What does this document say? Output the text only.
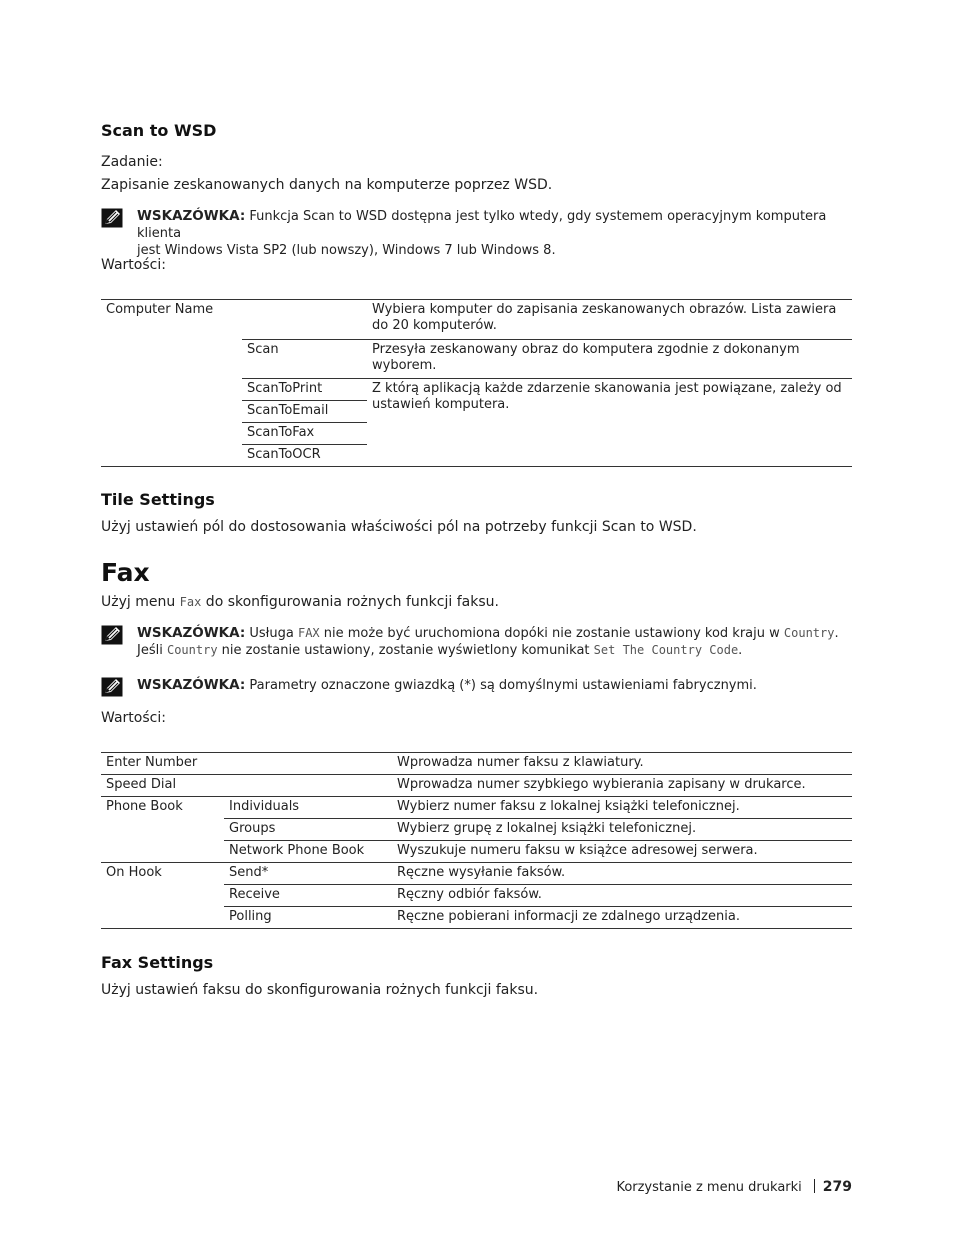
Scan to WSD

Zadanie:

Zapisanie zeskanowanych danych na komputerze poprzez WSD.

WSKAZÓWKA: Funkcja Scan to WSD dostępna jest tylko wtedy, gdy systemem operacyjnym komputera klienta
jest Windows Vista SP2 (lub nowszy), Windows 7 lub Windows 8.

Wartości:

Computer Name		Wybiera komputer do zapisania zeskanowanych obrazów. Lista zawiera do 20 komputerów.
	Scan	Przesyła zeskanowany obraz do komputera zgodnie z dokonanym wyborem.
	ScanToPrint	Z którą aplikacją każde zdarzenie skanowania jest powiązane, zależy od ustawień komputera.
	ScanToEmail	
	ScanToFax	
	ScanToOCR	
Tile Settings

Użyj ustawień pól do dostosowania właściwości pól na potrzeby funkcji Scan to WSD.

Fax

Użyj menu Fax do skonfigurowania rożnych funkcji faksu.

WSKAZÓWKA: Usługa FAX nie może być uruchomiona dopóki nie zostanie ustawiony kod kraju w Country.
Jeśli Country nie zostanie ustawiony, zostanie wyświetlony komunikat Set The Country Code.
WSKAZÓWKA: Parametry oznaczone gwiazdką (*) są domyślnymi ustawieniami fabrycznymi.

Wartości:

Enter Number		Wprowadza numer faksu z klawiatury.
Speed Dial		Wprowadza numer szybkiego wybierania zapisany w drukarce.
Phone Book	Individuals	Wybierz numer faksu z lokalnej książki telefonicznej.
	Groups	Wybierz grupę z lokalnej książki telefonicznej.
	Network Phone Book	Wyszukuje numeru faksu w książce adresowej serwera.
On Hook	Send*	Ręczne wysyłanie faksów.
	Receive	Ręczny odbiór faksów.
	Polling	Ręczne pobierani informacji ze zdalnego urządzenia.
Fax Settings

Użyj ustawień faksu do skonfigurowania rożnych funkcji faksu.

Korzystanie z menu drukarki 279
